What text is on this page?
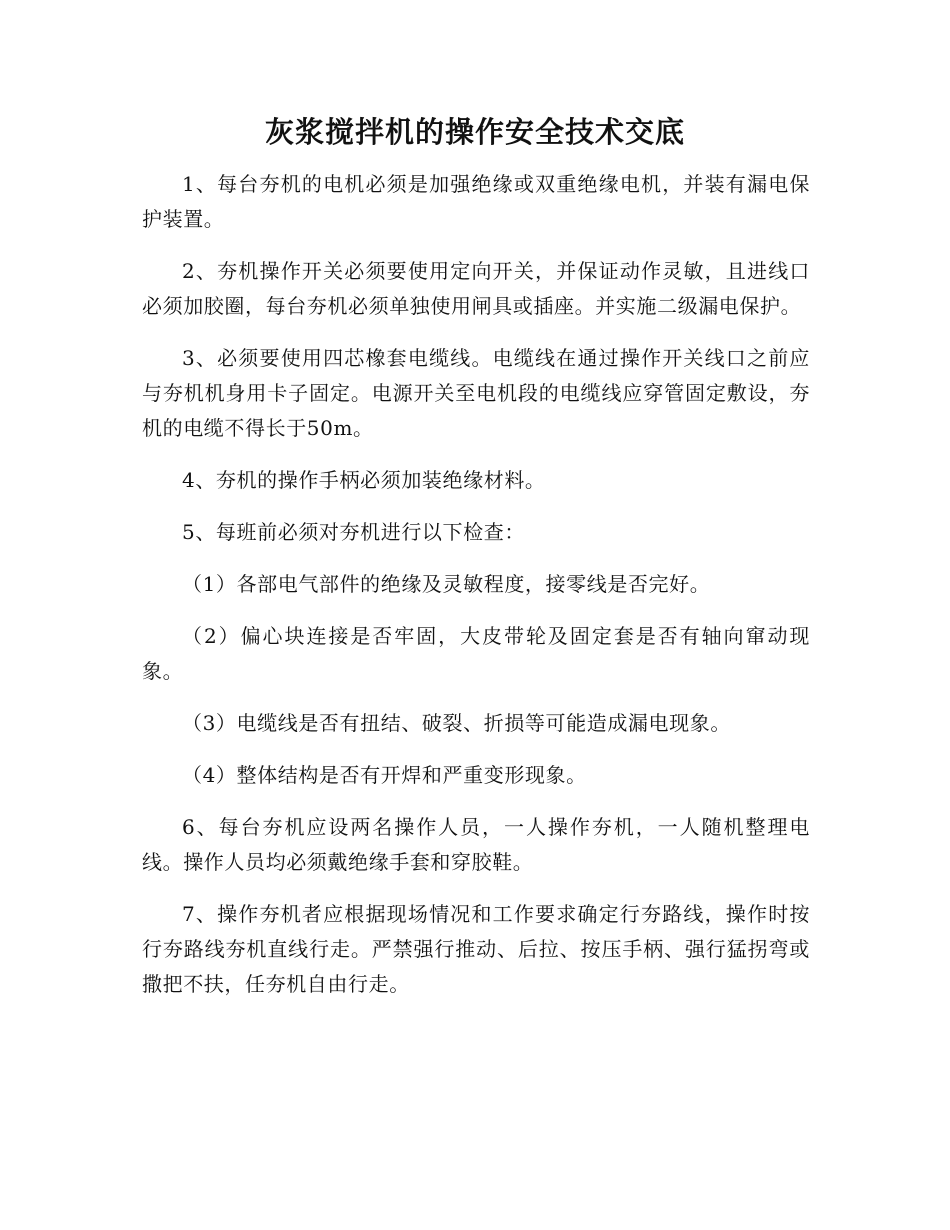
灰浆搅拌机的操作安全技术交底

1、每台夯机的电机必须是加强绝缘或双重绝缘电机，并装有漏电保护装置。

2、夯机操作开关必须要使用定向开关，并保证动作灵敏，且进线口必须加胶圈，每台夯机必须单独使用闸具或插座。并实施二级漏电保护。

3、必须要使用四芯橡套电缆线。电缆线在通过操作开关线口之前应与夯机机身用卡子固定。电源开关至电机段的电缆线应穿管固定敷设，夯机的电缆不得长于50m。

4、夯机的操作手柄必须加装绝缘材料。

5、每班前必须对夯机进行以下检查：

（1）各部电气部件的绝缘及灵敏程度，接零线是否完好。

（2）偏心块连接是否牢固，大皮带轮及固定套是否有轴向窜动现象。

（3）电缆线是否有扭结、破裂、折损等可能造成漏电现象。

（4）整体结构是否有开焊和严重变形现象。

6、每台夯机应设两名操作人员，一人操作夯机，一人随机整理电线。操作人员均必须戴绝缘手套和穿胶鞋。

7、操作夯机者应根据现场情况和工作要求确定行夯路线，操作时按行夯路线夯机直线行走。严禁强行推动、后拉、按压手柄、强行猛拐弯或撒把不扶，任夯机自由行走。
